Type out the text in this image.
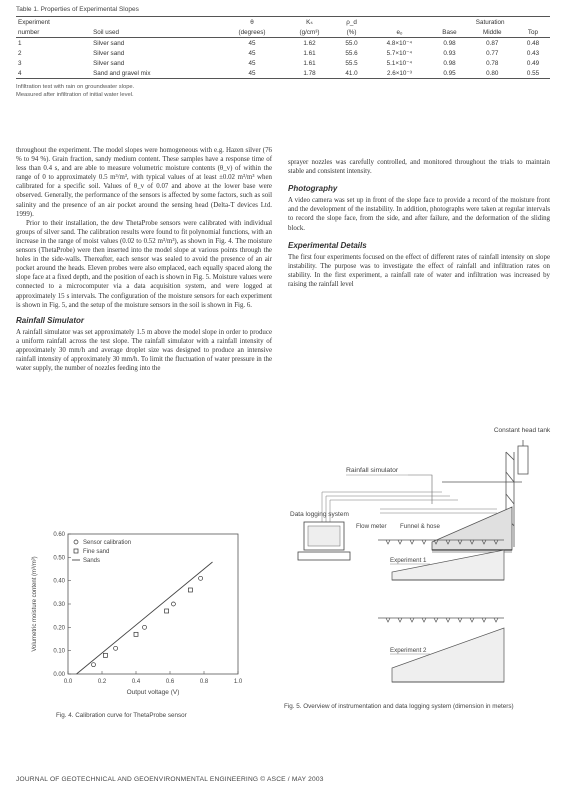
Table 1. Properties of Experimental Slopes
Experiment		θ	Kₛ	ρ_d		Saturation		
number	Soil used	(degrees)	(g/cm³)	(%)	eₒ	Base	Middle	Top
1	Silver sand	45	1.62	55.0	4.8×10⁻⁴	0.98	0.87	0.48
2	Silver sand	45	1.61	55.6	5.7×10⁻⁴	0.93	0.77	0.43
3	Silver sand	45	1.61	55.5	5.1×10⁻⁴	0.98	0.78	0.49
4	Sand and gravel mix	45	1.78	41.0	2.6×10⁻³	0.95	0.80	0.55
Infiltration test with rain on groundwater slope.
Measured after infiltration of initial water level.

throughout the experiment. The model slopes were homogeneous with e.g. Hazen silver (76 % to 94 %). Grain fraction, sandy medium content. These samples have a response time of less than 0.4 s, and are able to measure volumetric moisture contents (θ_v) of within the range of 0 to approximately 0.5 m³/m³, with typical values of at least ±0.02 m³/m³ when calibrated for a specific soil. Values of θ_v of 0.07 and above at the lower base were observed. Generally, the performance of the sensors is affected by some factors, such as soil salinity and the presence of an air pocket around the sensing head (Delta-T devices Ltd. 1999).

Prior to their installation, the dew ThetaProbe sensors were calibrated with individual groups of silver sand. The calibration results were found to fit polynomial functions, with an increase in the range of moist values (0.02 to 0.52 m³/m³), as shown in Fig. 4. The moisture sensors (ThetaProbe) were then inserted into the model slope at various points through the holes in the side-walls. Thereafter, each sensor was sealed to avoid the presence of an air pocket around the heads. Eleven probes were also emplaced, each equally spaced along the slope face at a fixed depth, and the position of each is shown in Fig. 5. Moisture values were connected to a microcomputer via a data acquisition system, and were logged at approximately 15 s intervals. The configuration of the moisture sensors for each experiment is shown in Fig. 5, and the setup of the moisture sensors in the soil is shown in Fig. 6.

Rainfall Simulator

A rainfall simulator was set approximately 1.5 m above the model slope in order to produce a uniform rainfall across the test slope. The rainfall simulator with a rainfall intensity of approximately 30 mm/h and average droplet size was designed to produce an intensive rainfall intensity of approximately 30 mm/h. To limit the fluctuation of water pressure in the water supply, the number of nozzles feeding into the

0.0	0.2	0.4	0.6	0.8	1.0
0.00
0.10
0.20
0.30
0.40
0.50
0.60
Output voltage (V)
Volumetric moisture content (m³/m³)
Sensor calibration
Fine sand
Sands
Fig. 4. Calibration curve for ThetaProbe sensor

sprayer nozzles was carefully controlled, and monitored throughout the trials to maintain stable and consistent intensity.

Photography

A video camera was set up in front of the slope face to provide a record of the moisture front and the development of the instability. In addition, photographs were taken at regular intervals to record the slope face, from the side, and after failure, and the deformation of the sliding block.

Experimental Details

The first four experiments focused on the effect of different rates of rainfall intensity on slope instability. The purpose was to investigate the effect of rainfall and infiltration rates on stability. In the first experiment, a rainfall rate of water and infiltration was increased by raising the rainfall level

Constant head tank
Rainfall simulator
Data logging system
Flow meter Funnel & hose
Experiment 1
Experiment 2
Fig. 5. Overview of instrumentation and data logging system (dimension in meters)
JOURNAL OF GEOTECHNICAL AND GEOENVIRONMENTAL ENGINEERING © ASCE / MAY 2003
